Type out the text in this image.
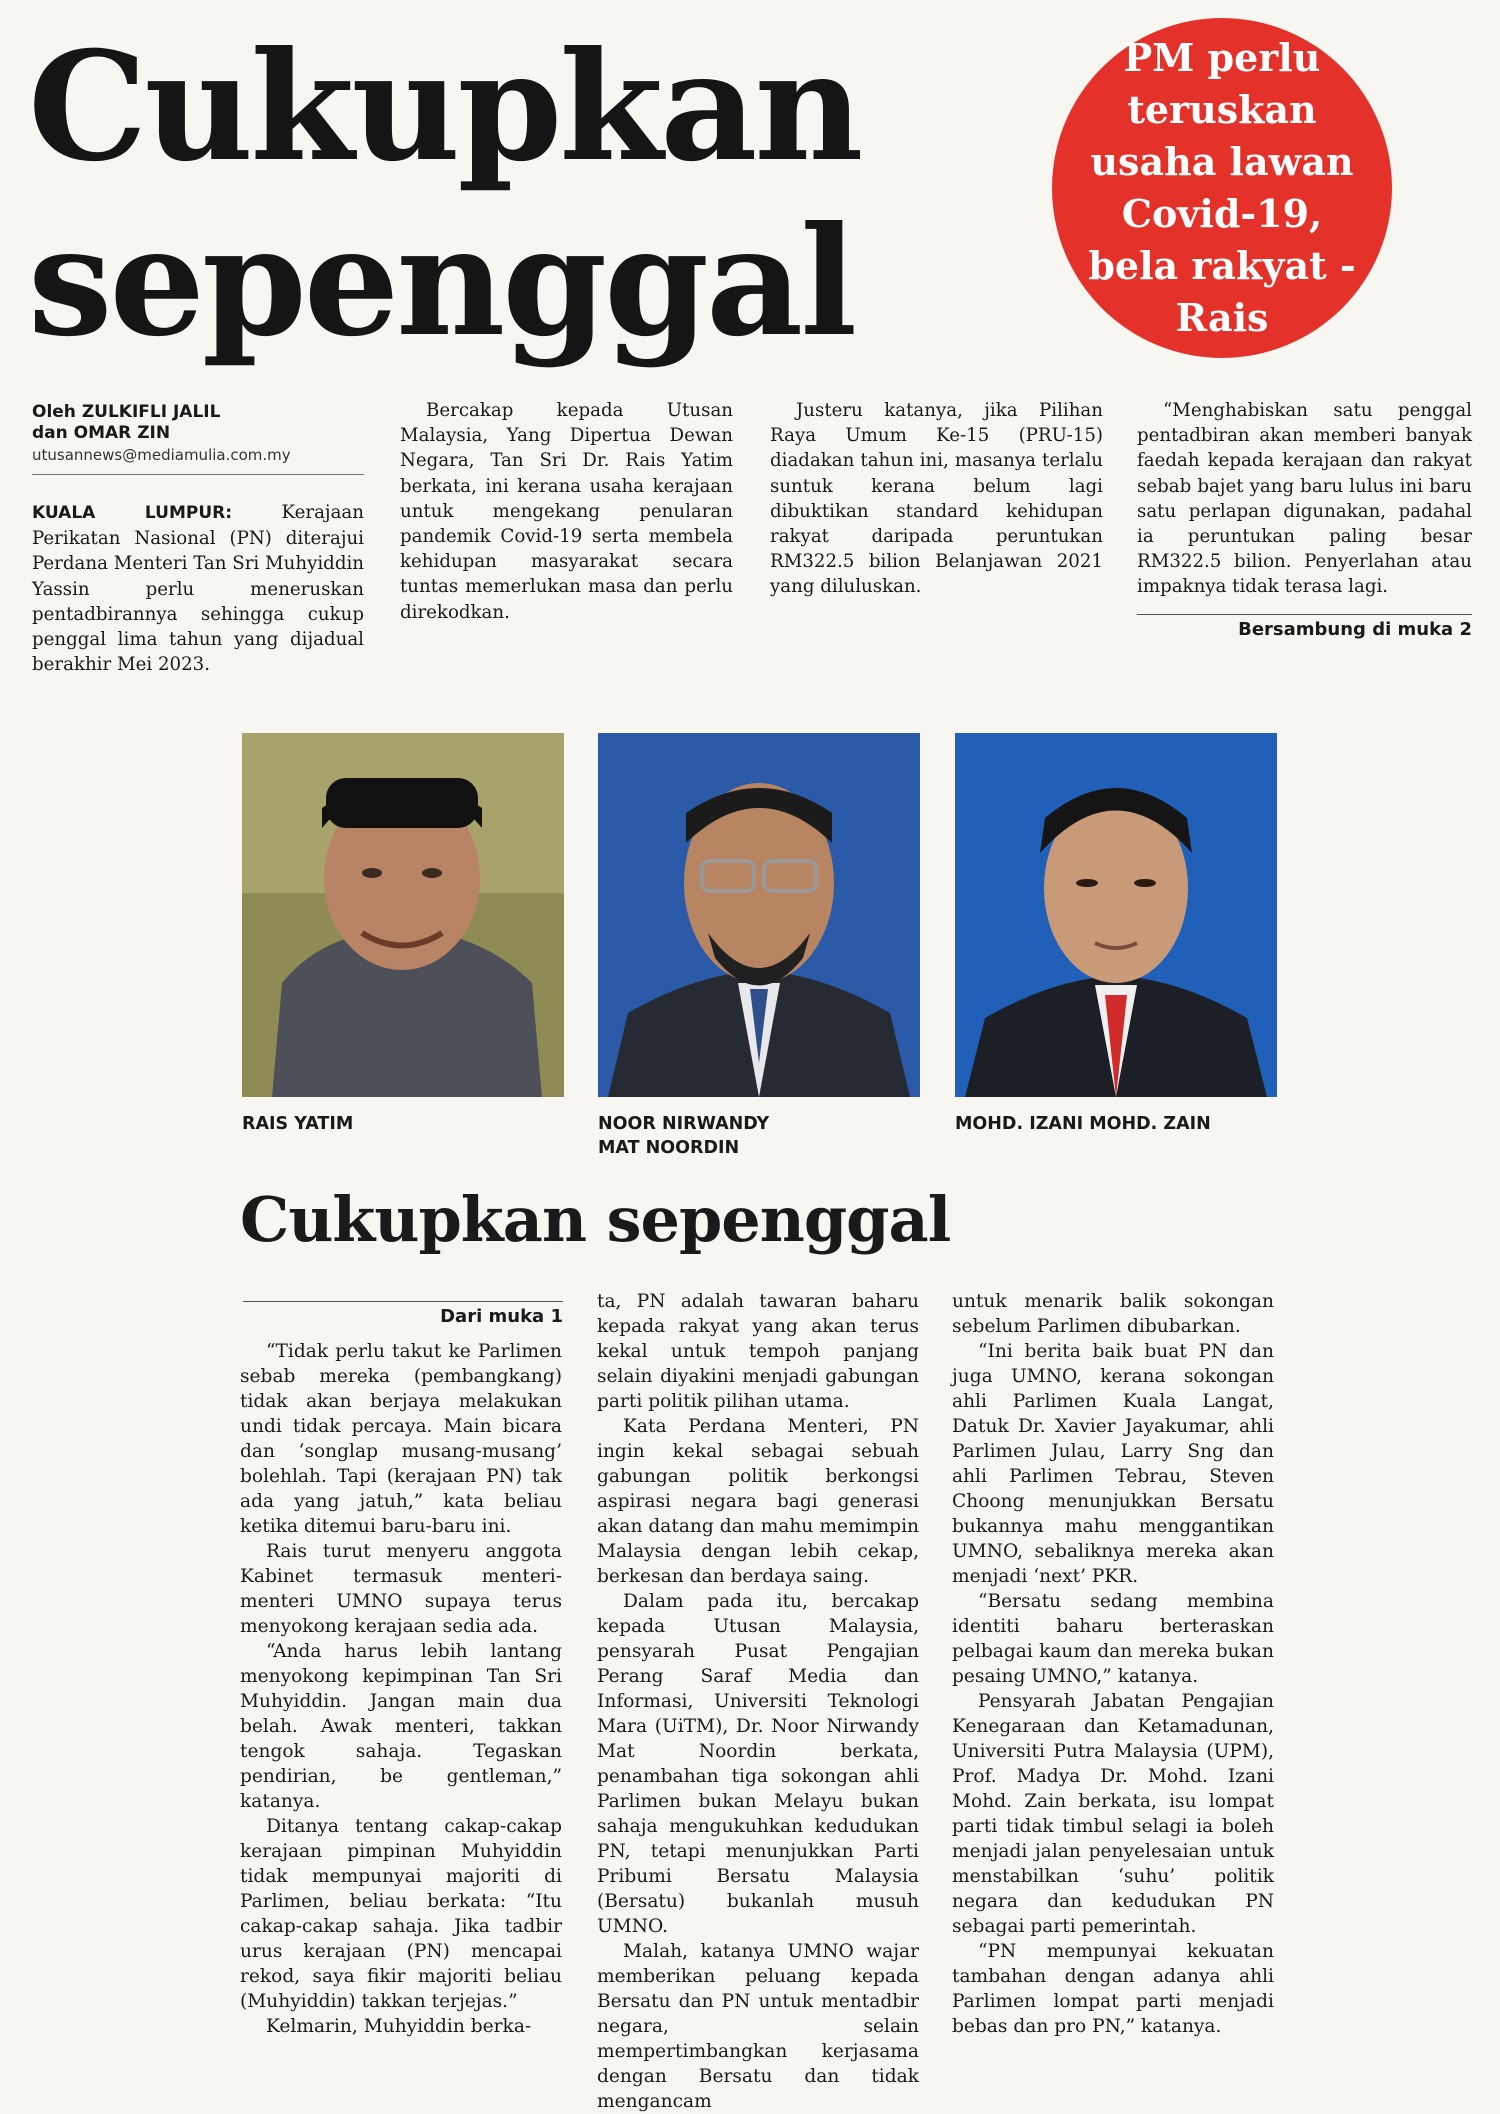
Cukupkan
sepenggal
PM perlu teruskan usaha lawan Covid-19, bela rakyat - Rais
Oleh ZULKIFLI JALIL
dan OMAR ZIN
utusannews@mediamulia.com.my

KUALA LUMPUR:	Kerajaan Perikatan Nasional (PN) diterajui Perdana Menteri Tan Sri Muhyiddin Yassin perlu meneruskan pentadbirannya sehingga cukup penggal lima tahun yang dijadual berakhir Mei 2023.

Bercakap kepada Utusan Malaysia, Yang Dipertua Dewan Negara, Tan Sri Dr. Rais Yatim berkata, ini kerana usaha kerajaan untuk mengekang penularan pandemik Covid-19 serta membela kehidupan masyarakat secara tuntas memerlukan masa dan perlu direkodkan.

Justeru katanya, jika Pilihan Raya Umum Ke-15 (PRU-15) diadakan tahun ini, masanya terlalu suntuk kerana belum lagi dibuktikan standard kehidupan rakyat daripada peruntukan RM322.5 bilion Belanjawan 2021 yang diluluskan.

“Menghabiskan satu penggal pentadbiran akan memberi banyak faedah kepada kerajaan dan rakyat sebab bajet yang baru lulus ini baru satu perlapan digunakan, padahal ia peruntukan paling besar RM322.5 bilion. Penyerlahan atau impaknya tidak terasa lagi.

Bersambung di muka 2
RAIS YATIM	NOOR NIRWANDY
MAT NOORDIN
MOHD. IZANI MOHD. ZAIN
Cukupkan sepenggal
Dari muka 1

“Tidak perlu takut ke Parlimen sebab mereka (pembangkang) tidak akan berjaya melakukan undi tidak percaya. Main bicara dan ‘songlap musang-musang’ bolehlah. Tapi (kerajaan PN) tak ada yang jatuh,” kata beliau ketika ditemui baru-baru ini.

Rais turut menyeru anggota Kabinet termasuk menteri-menteri UMNO supaya terus menyokong kerajaan sedia ada.

“Anda harus lebih lantang menyokong kepimpinan Tan Sri Muhyiddin. Jangan main dua belah. Awak menteri, takkan tengok sahaja. Tegaskan pendirian, be gentleman,” katanya.

Ditanya tentang cakap-cakap kerajaan pimpinan Muhyiddin tidak mempunyai majoriti di Parlimen, beliau berkata: “Itu cakap-cakap sahaja. Jika tadbir urus kerajaan (PN) mencapai rekod, saya fikir majoriti beliau (Muhyiddin) takkan terjejas.”

Kelmarin, Muhyiddin berka-

ta, PN adalah tawaran baharu kepada rakyat yang akan terus kekal untuk tempoh panjang selain diyakini menjadi gabungan parti politik pilihan utama.

Kata Perdana Menteri, PN ingin kekal sebagai sebuah gabungan politik berkongsi aspirasi negara bagi generasi akan datang dan mahu memimpin Malaysia dengan lebih cekap, berkesan dan berdaya saing.

Dalam pada itu, bercakap kepada Utusan Malaysia, pensyarah Pusat Pengajian Perang Saraf Media dan Informasi, Universiti Teknologi Mara (UiTM), Dr. Noor Nirwandy Mat Noordin berkata, penambahan tiga sokongan ahli Parlimen bukan Melayu bukan sahaja mengukuhkan kedudukan PN, tetapi menunjukkan Parti Pribumi Bersatu Malaysia (Bersatu) bukanlah musuh UMNO.

Malah, katanya UMNO wajar memberikan peluang kepada Bersatu dan PN untuk mentadbir negara, selain mempertimbangkan kerjasama dengan Bersatu dan tidak mengancam

untuk menarik balik sokongan sebelum Parlimen dibubarkan.

“Ini berita baik buat PN dan juga UMNO, kerana sokongan ahli Parlimen Kuala Langat, Datuk Dr. Xavier Jayakumar, ahli Parlimen Julau, Larry Sng dan ahli Parlimen Tebrau, Steven Choong menunjukkan Bersatu bukannya mahu menggantikan UMNO, sebaliknya mereka akan menjadi ‘next’ PKR.

“Bersatu sedang membina identiti baharu berteraskan pelbagai kaum dan mereka bukan pesaing UMNO,” katanya.

Pensyarah Jabatan Pengajian Kenegaraan dan Ketamadunan, Universiti Putra Malaysia (UPM), Prof. Madya Dr. Mohd. Izani Mohd. Zain berkata, isu lompat parti tidak timbul selagi ia boleh menjadi jalan penyelesaian untuk menstabilkan ‘suhu’ politik negara dan kedudukan PN sebagai parti pemerintah.

“PN mempunyai kekuatan tambahan dengan adanya ahli Parlimen lompat parti menjadi bebas dan pro PN,” katanya.
